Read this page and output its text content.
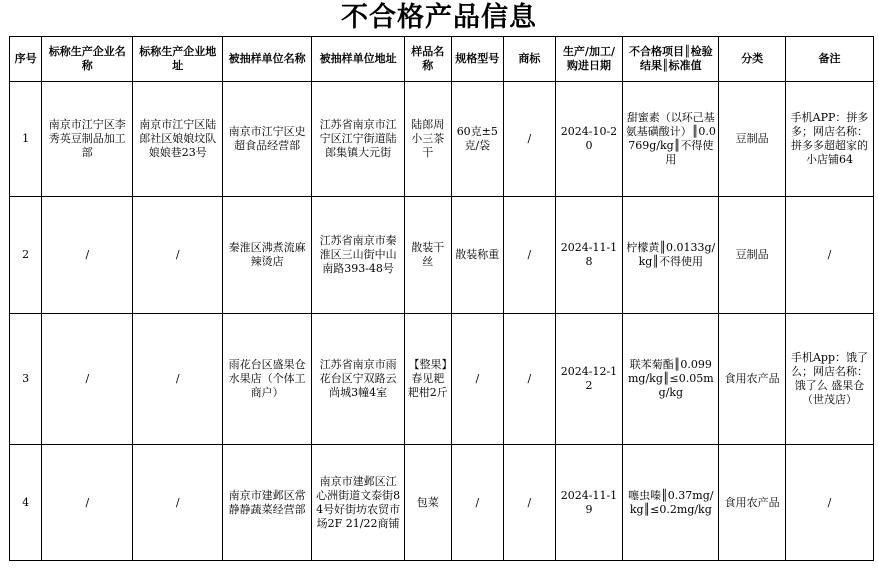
不合格产品信息
序号	标称生产企业名称	标称生产企业地址	被抽样单位名称	被抽样单位地址	样品名称	规格型号	商标	生产/加工/购进日期	不合格项目║检验结果║标准值	分类	备注
1	南京市江宁区李秀英豆制品加工部	南京市江宁区陆郎社区娘娘坟队娘娘巷23号	南京市江宁区史超食品经营部	江苏省南京市江宁区江宁街道陆郎集镇大元街	陆郎周小三茶干	60克±5克/袋	/	2024-10-20	甜蜜素（以环己基氨基磺酸计）║0.0769g/kg║不得使用	豆制品	手机APP：拼多多；网店名称： 拼多多超超家的小店铺64
2	/	/	秦淮区沸煮流麻辣烫店	江苏省南京市秦淮区三山街中山南路393-48号	散装干丝	散装称重	/	2024-11-18	柠檬黄║0.0133g/kg║不得使用	豆制品	/
3	/	/	雨花台区盛果仓水果店（个体工商户）	江苏省南京市雨花台区宁双路云尚城3幢4室	【整果】春见耙耙柑2斤	/	/	2024-12-12	联苯菊酯║0.099mg/kg║≤0.05mg/kg	食用农产品	手机App：饿了么；网店名称：饿了么 盛果仓（世茂店）
4	/	/	南京市建邺区常静静蔬菜经营部	南京市建邺区江心洲街道文泰街84号好街坊农贸市场2F 21/22商铺	包菜	/	/	2024-11-19	噻虫嗪║0.37mg/kg║≤0.2mg/kg	食用农产品	/
